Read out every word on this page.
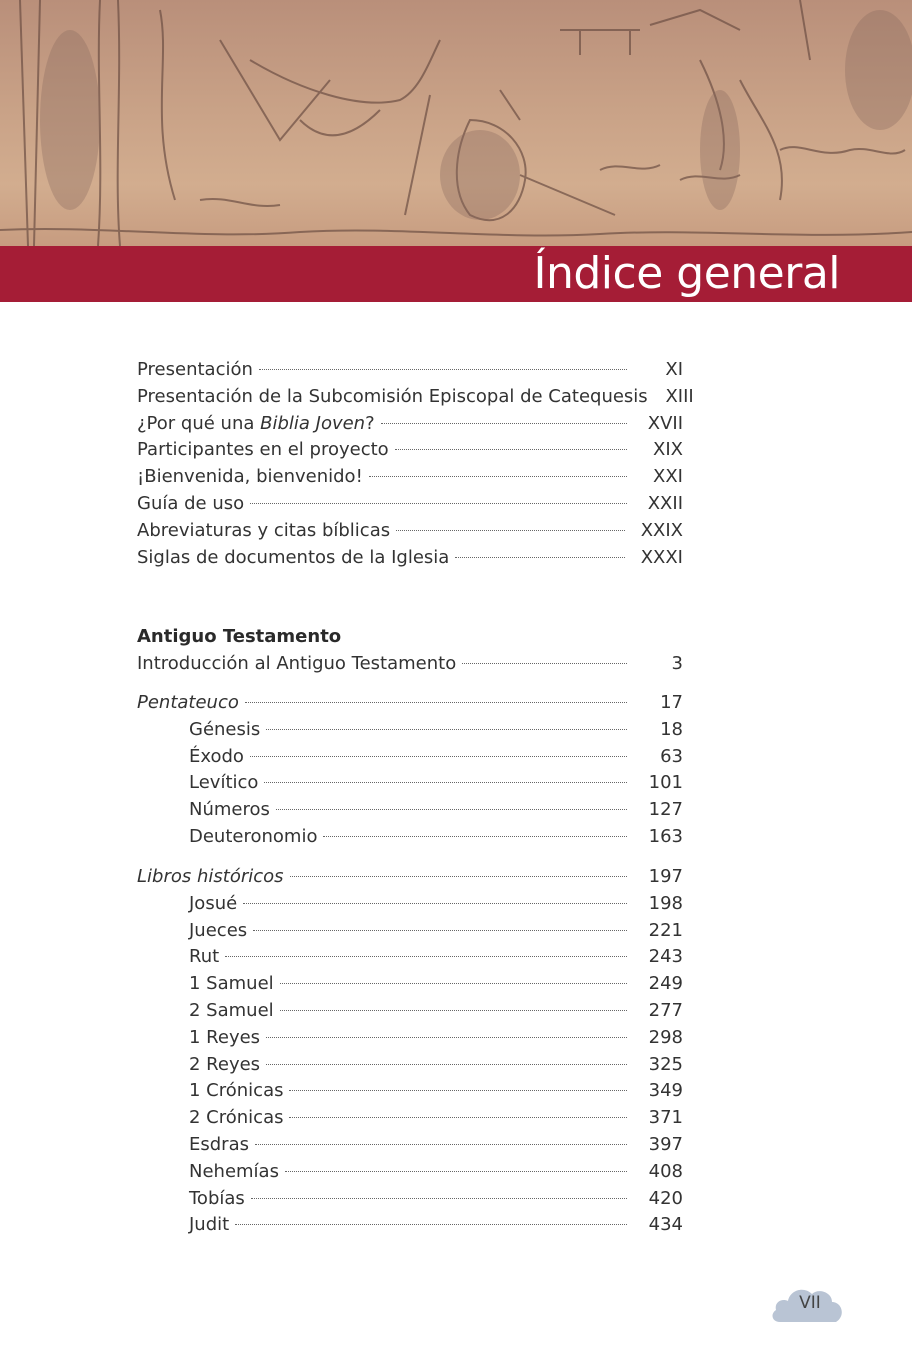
Índice general
Presentación	XI
Presentación de la Subcomisión Episcopal de Catequesis XIII
¿Por qué una Biblia Joven?	XVII
Participantes en el proyecto	XIX
¡Bienvenida, bienvenido!	XXI
Guía de uso	XXII
Abreviaturas y citas bíblicas	XXIX
Siglas de documentos de la Iglesia	XXXI
Antiguo Testamento
Introducción al Antiguo Testamento	3
Pentateuco	17
Génesis	18
Éxodo	63
Levítico	101
Números	127
Deuteronomio	163
Libros históricos	197
Josué	198
Jueces	221
Rut	243
1 Samuel	249
2 Samuel	277
1 Reyes	298
2 Reyes	325
1 Crónicas	349
2 Crónicas	371
Esdras	397
Nehemías	408
Tobías	420
Judit	434
VII
